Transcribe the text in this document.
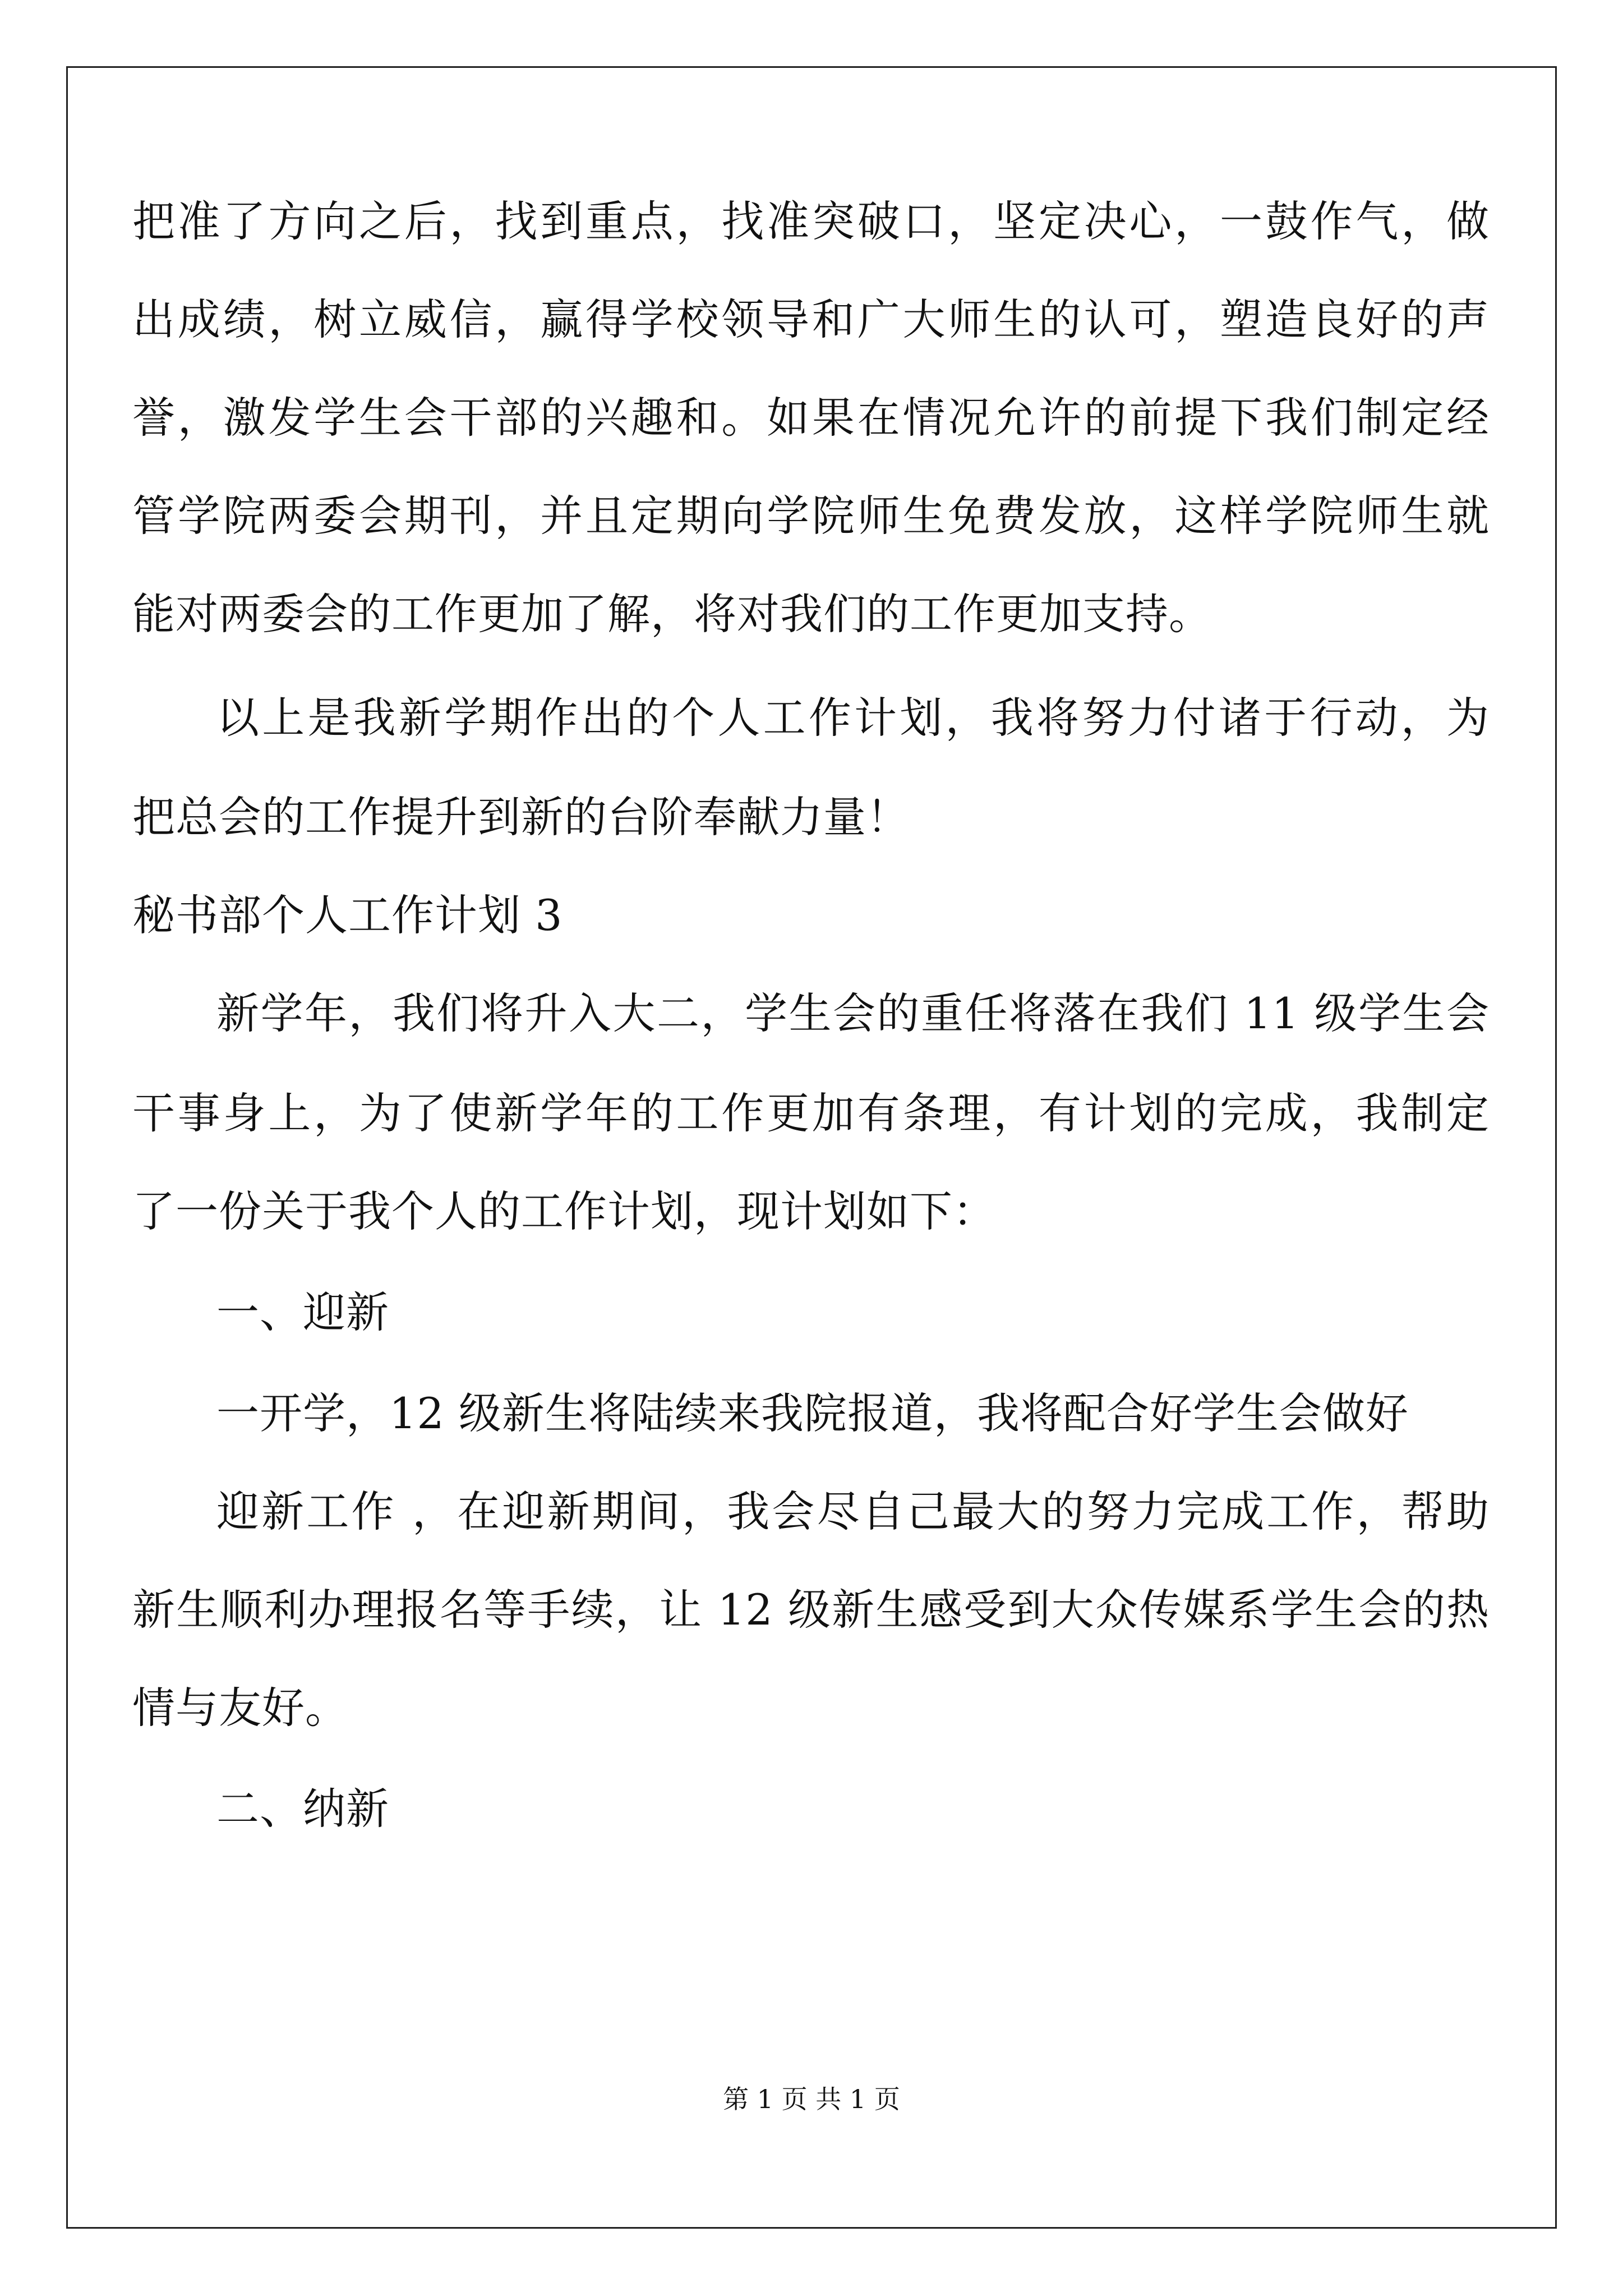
把准了方向之后，找到重点，找准突破口，坚定决心，一鼓作气，做
出成绩，树立威信，赢得学校领导和广大师生的认可，塑造良好的声
誉，激发学生会干部的兴趣和。如果在情况允许的前提下我们制定经
管学院两委会期刊，并且定期向学院师生免费发放，这样学院师生就
能对两委会的工作更加了解，将对我们的工作更加支持。
以上是我新学期作出的个人工作计划，我将努力付诸于行动，为
把总会的工作提升到新的台阶奉献力量！
秘书部个人工作计划 3
新学年，我们将升入大二，学生会的重任将落在我们 11 级学生会
干事身上，为了使新学年的工作更加有条理，有计划的完成，我制定
了一份关于我个人的工作计划，现计划如下：
一、迎新
一开学，12 级新生将陆续来我院报道，我将配合好学生会做好
迎新工作 ，在迎新期间，我会尽自己最大的努力完成工作，帮助
新生顺利办理报名等手续，让 12 级新生感受到大众传媒系学生会的热
情与友好。
二、纳新
第 1 页 共 1 页
